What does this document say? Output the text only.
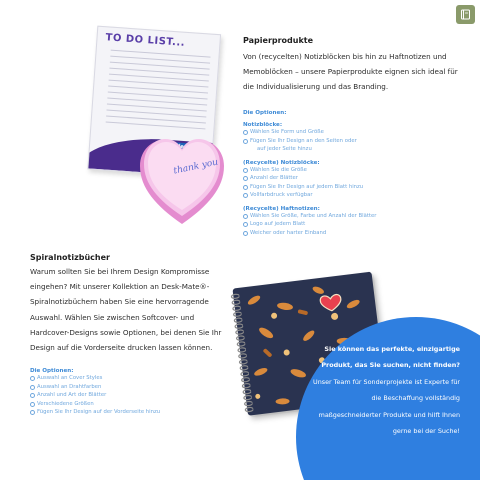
TO DO LIST...
thank you
Papierprodukte
Von (recycelten) Notizblöcken bis hin zu Haftnotizen und Memoblöcken – unsere Papierprodukte eignen sich ideal für die Individualisierung und das Branding.
Die Optionen:
Notizblöcke:
Wählen Sie Form und Größe
Fügen Sie Ihr Design an den Seiten oder
auf jeder Seite hinzu
(Recycelte) Notizblöcke:
Wählen Sie die Größe
Anzahl der Blätter
Fügen Sie Ihr Design auf jedem Blatt hinzu
Vollfarbdruck verfügbar
(Recycelte) Haftnotizen:
Wählen Sie Größe, Farbe und Anzahl der Blätter
Logo auf jedem Blatt
Weicher oder harter Einband
Spiralnotizbücher
Warum sollten Sie bei Ihrem Design Kompromisse eingehen? Mit unserer Kollektion an Desk-Mate®-Spiralnotizbüchern haben Sie eine hervorragende Auswahl. Wählen Sie zwischen Softcover- und Hardcover-Designs sowie Optionen, bei denen Sie Ihr Design auf die Vorderseite drucken lassen können.
Die Optionen:
Auswahl an Cover Styles
Auswahl an Drahtfarben
Anzahl und Art der Blätter
Verschiedene Größen
Fügen Sie Ihr Design auf der Vorderseite hinzu
Sie können das perfekte, einzigartige Produkt, das Sie suchen, nicht finden? Unser Team für Sonderprojekte ist Experte für die Beschaffung vollständig maßgeschneiderter Produkte und hilft Ihnen gerne bei der Suche!
